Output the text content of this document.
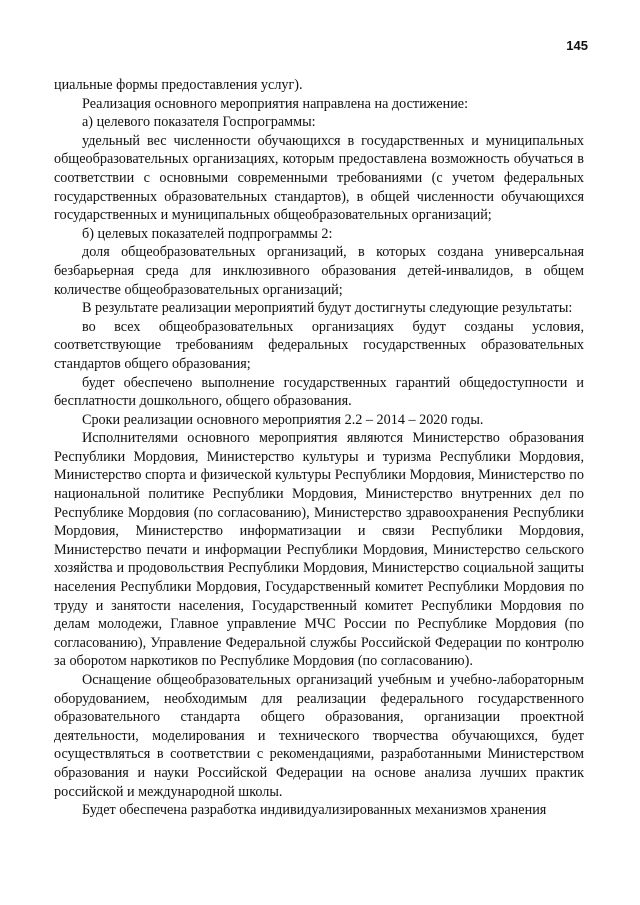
145

циальные формы предоставления услуг).

Реализация основного мероприятия направлена на достижение:

а) целевого показателя Госпрограммы:

удельный вес численности обучающихся в государственных и муниципальных общеобразовательных организациях, которым предоставлена возможность обучаться в соответствии с основными современными требованиями (с учетом федеральных государственных образовательных стандартов), в общей численности обучающихся государственных и муниципальных общеобразовательных организаций;

б) целевых показателей подпрограммы 2:

доля общеобразовательных организаций, в которых создана универсальная безбарьерная среда для инклюзивного образования детей-инвалидов, в общем количестве общеобразовательных организаций;

В результате реализации мероприятий будут достигнуты следующие результаты:

во всех общеобразовательных организациях будут созданы условия, соответствующие требованиям федеральных государственных образовательных стандартов общего образования;

будет обеспечено выполнение государственных гарантий общедоступности и бесплатности дошкольного, общего образования.

Сроки реализации основного мероприятия 2.2 – 2014 – 2020 годы.

Исполнителями основного мероприятия являются Министерство образования Республики Мордовия, Министерство культуры и туризма Республики Мордовия, Министерство спорта и физической культуры Республики Мордовия, Министерство по национальной политике Республики Мордовия, Министерство внутренних дел по Республике Мордовия (по согласованию), Министерство здравоохранения Республики Мордовия, Министерство информатизации и связи Республики Мордовия, Министерство печати и информации Республики Мордовия, Министерство сельского хозяйства и продовольствия Республики Мордовия, Министерство социальной защиты населения Республики Мордовия, Государственный комитет Республики Мордовия по труду и занятости населения, Государственный комитет Республики Мордовия по делам молодежи, Главное управление МЧС России по Республике Мордовия (по согласованию), Управление Федеральной службы Российской Федерации по контролю за оборотом наркотиков по Республике Мордовия (по согласованию).

Оснащение общеобразовательных организаций учебным и учебно-лабораторным оборудованием, необходимым для реализации федерального государственного образовательного стандарта общего образования, организации проектной деятельности, моделирования и технического творчества обучающихся, будет осуществляться в соответствии с рекомендациями, разработанными Министерством образования и науки Российской Федерации на основе анализа лучших практик российской и международной школы.

Будет обеспечена разработка индивидуализированных механизмов хранения
